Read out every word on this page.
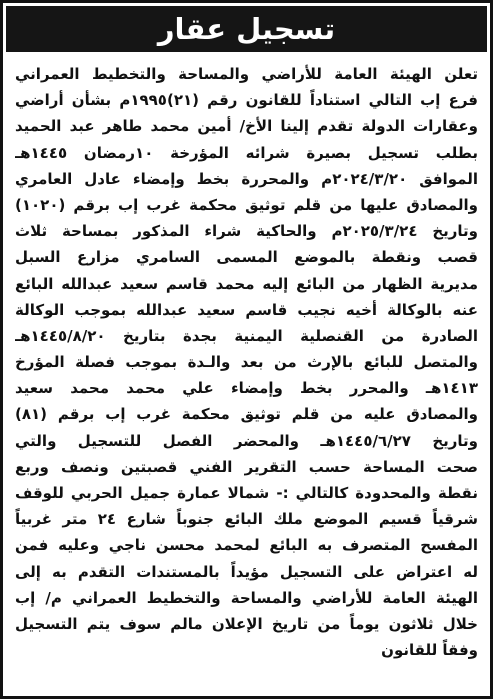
تسجيل عقار
تعلن الهيئة العامة للأراضي والمساحة والتخطيط العمراني
فرع إب التالي استناداً للقانون رقم (٢١)١٩٩٥م بشأن أراضي
وعقارات الدولة تقدم إلينا الأخ/ أمين محمد طاهر عبد الحميد
بطلب تسجيل بصيرة شرائه المؤرخة ١٠رمضان ١٤٤٥هـ
الموافق ٢٠٢٤/٣/٢٠م والمحررة بخط وإمضاء عادل العامري
والمصادق عليها من قلم توثيق محكمة غرب إب برقم (١٠٢٠)
وتاريخ ٢٠٢٥/٣/٢٤م والحاكية شراء المذكور بمساحة ثلاث
قصب ونقطة بالموضع المسمى السامري مزارع السبل
مديرية الظهار من البائع إليه محمد قاسم سعيد عبدالله البائع
عنه بالوكالة أخيه نجيب قاسم سعيد عبدالله بموجب الوكالة
الصادرة من القنصلية اليمنية بجدة بتاريخ ١٤٤٥/٨/٢٠هـ
والمتصل للبائع بالإرث من بعد والـدة بموجب فصلة المؤرخ
١٤١٣هـ والمحرر بخط وإمضاء علي محمد محمد سعيد
والمصادق عليه من قلم توثيق محكمة غرب إب برقم (٨١)
وتاريخ ١٤٤٥/٦/٢٧هـ والمحضر الفصل للتسجيل والتي
صحت المساحة حسب التقرير الفني قصبتين ونصف وربع
نقطة والمحدودة كالتالي :- شمالا عمارة جميل الحربي للوقف
شرقياً قسيم الموضع ملك البائع جنوباً شارع ٢٤ متر غربياً
المفسح المتصرف به البائع لمحمد محسن ناجي وعليه فمن
له اعتراض على التسجيل مؤيداً بالمستندات التقدم به إلى
الهيئة العامة للأراضي والمساحة والتخطيط العمراني م/ إب
خلال ثلاثون يوماً من تاريخ الإعلان مالم سوف يتم التسجيل
وفقاً للقانون
